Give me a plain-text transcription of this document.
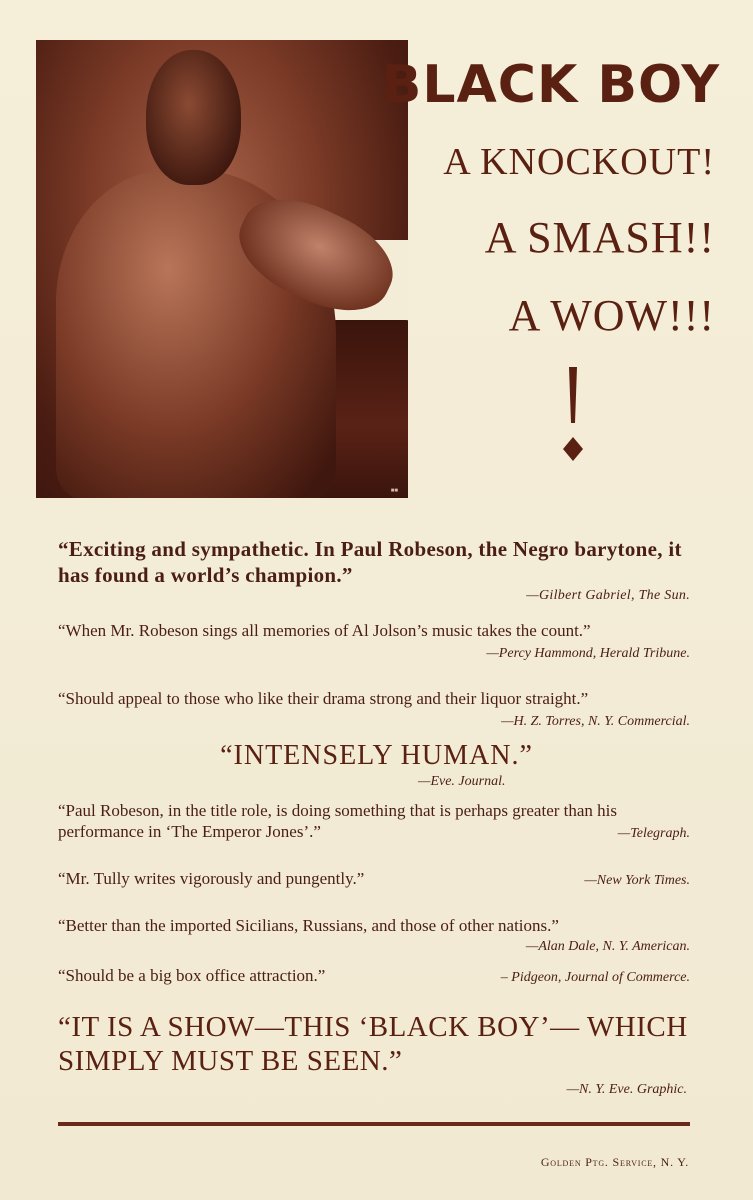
■■
BLACK BOY
A KNOCKOUT!
A SMASH!!
A WOW!!!
“Exciting and sympathetic. In Paul Robeson, the Negro barytone, it has found a world’s champion.”
—Gilbert Gabriel, The Sun.
“When Mr. Robeson sings all memories of Al Jolson’s music takes the count.”
—Percy Hammond, Herald Tribune.
“Should appeal to those who like their drama strong and their liquor straight.”
—H. Z. Torres, N. Y. Commercial.
“INTENSELY HUMAN.”
—Eve. Journal.
“Paul Robeson, in the title role, is doing something that is perhaps greater than his performance in ‘The Emperor Jones’.”	—Telegraph.
“Mr. Tully writes vigorously and pungently.”	—New York Times.
“Better than the imported Sicilians, Russians, and those of other nations.”
—Alan Dale, N. Y. American.
“Should be a big box office attraction.”	– Pidgeon, Journal of Commerce.
“IT IS A SHOW—THIS ‘BLACK BOY’— WHICH SIMPLY MUST BE SEEN.”
—N. Y. Eve. Graphic.
Golden Ptg. Service, N. Y.
